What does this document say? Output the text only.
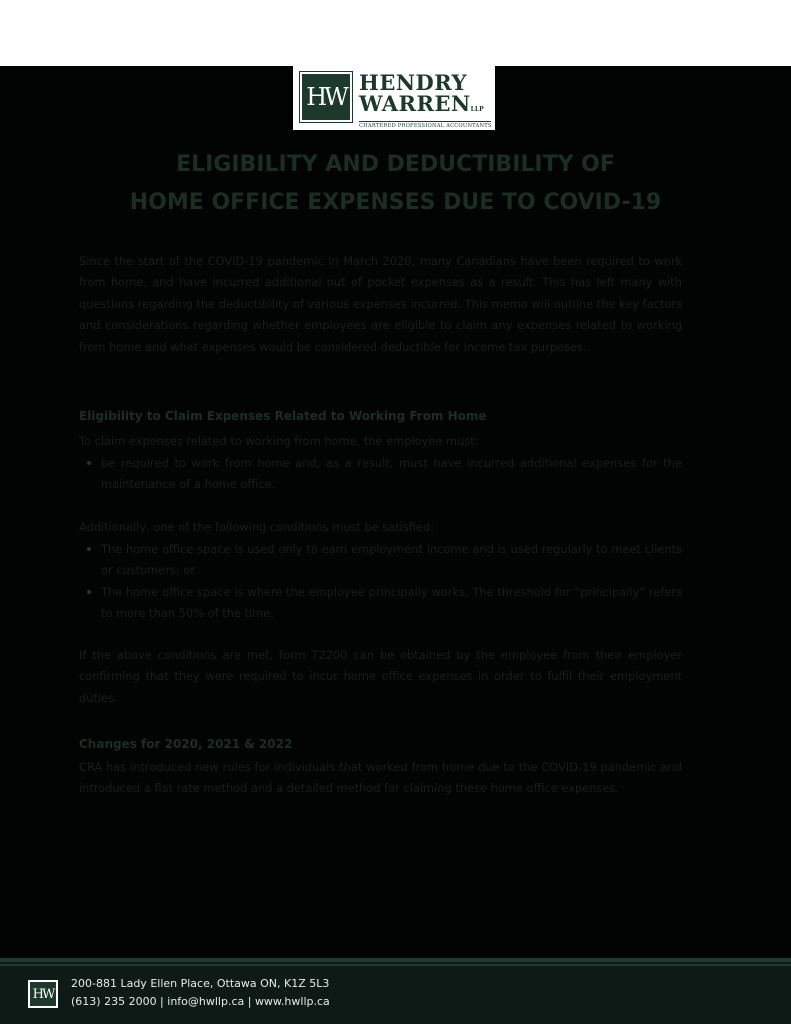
HW
HENDRY
WARRENLLP
CHARTERED PROFESSIONAL ACCOUNTANTS
ELIGIBILITY AND DEDUCTIBILITY OF
HOME OFFICE EXPENSES DUE TO COVID-19

Since the start of the COVID-19 pandemic in March 2020, many Canadians have been required to work from home, and have incurred additional out of pocket expenses as a result. This has left many with questions regarding the deductibility of various expenses incurred. This memo will outline the key factors and considerations regarding whether employees are eligible to claim any expenses related to working from home and what expenses would be considered deductible for income tax purposes.

Eligibility to Claim Expenses Related to Working From Home

To claim expenses related to working from home, the employee must:

be required to work from home and, as a result, must have incurred additional expenses for the maintenance of a home office.

Additionally, one of the following conditions must be satisfied:

The home office space is used only to earn employment income and is used regularly to meet clients or customers; or
The home office space is where the employee principally works. The threshold for “principally” refers to more than 50% of the time.

If the above conditions are met, form T2200 can be obtained by the employee from their employer confirming that they were required to incur home office expenses in order to fulfil their employment duties.

Changes for 2020, 2021 & 2022

CRA has introduced new rules for individuals that worked from home due to the COVID-19 pandemic and introduced a flat rate method and a detailed method for claiming these home office expenses.

HW
200-881 Lady Ellen Place, Ottawa ON, K1Z 5L3
(613) 235 2000 | info@hwllp.ca | www.hwllp.ca
